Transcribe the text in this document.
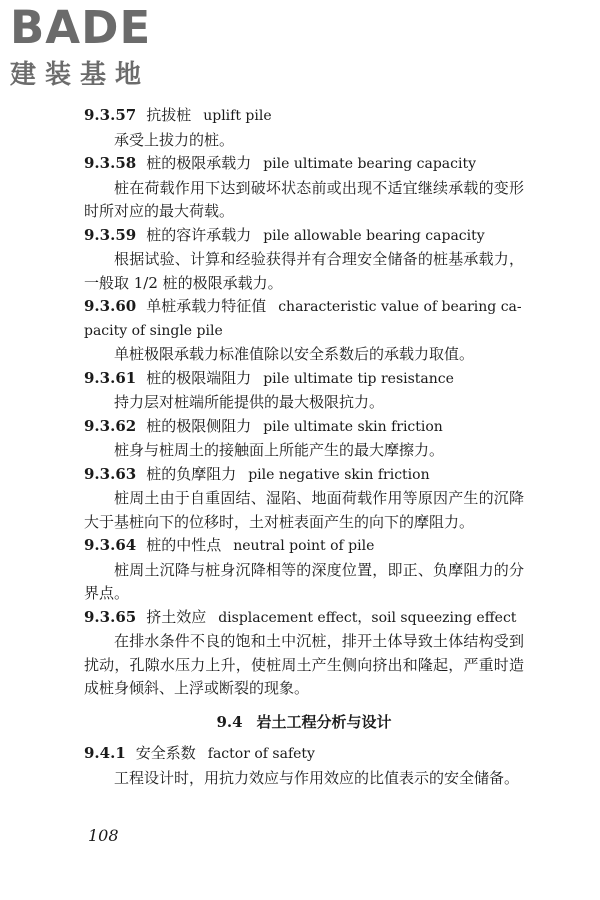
BADE
建装基地
9.3.57 抗拔桩 uplift pile

承受上拔力的桩。

9.3.58 桩的极限承载力 pile ultimate bearing capacity

桩在荷载作用下达到破坏状态前或出现不适宜继续承载的变形时所对应的最大荷载。

9.3.59 桩的容许承载力 pile allowable bearing capacity

根据试验、计算和经验获得并有合理安全储备的桩基承载力，一般取 1/2 桩的极限承载力。

9.3.60 单桩承载力特征值 characteristic value of bearing ca-
pacity of single pile

单桩极限承载力标准值除以安全系数后的承载力取值。

9.3.61 桩的极限端阻力 pile ultimate tip resistance

持力层对桩端所能提供的最大极限抗力。

9.3.62 桩的极限侧阻力 pile ultimate skin friction

桩身与桩周土的接触面上所能产生的最大摩擦力。

9.3.63 桩的负摩阻力 pile negative skin friction

桩周土由于自重固结、湿陷、地面荷载作用等原因产生的沉降大于基桩向下的位移时，土对桩表面产生的向下的摩阻力。

9.3.64 桩的中性点 neutral point of pile

桩周土沉降与桩身沉降相等的深度位置，即正、负摩阻力的分界点。

9.3.65 挤土效应 displacement effect，soil squeezing effect

在排水条件不良的饱和土中沉桩，排开土体导致土体结构受到扰动，孔隙水压力上升，使桩周土产生侧向挤出和隆起，严重时造成桩身倾斜、上浮或断裂的现象。

9.4 岩土工程分析与设计
9.4.1 安全系数 factor of safety

工程设计时，用抗力效应与作用效应的比值表示的安全储备。

108
